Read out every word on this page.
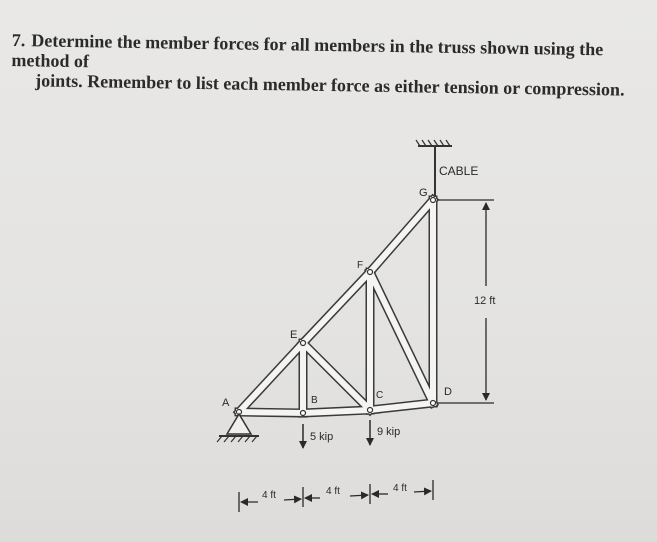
7. Determine the member forces for all members in the truss shown using the method of
joints. Remember to list each member force as either tension or compression.
CABLE
A	B	C	D
E
F
G
12 ft
5 kip	9 kip
4 ft	4 ft	4 ft
